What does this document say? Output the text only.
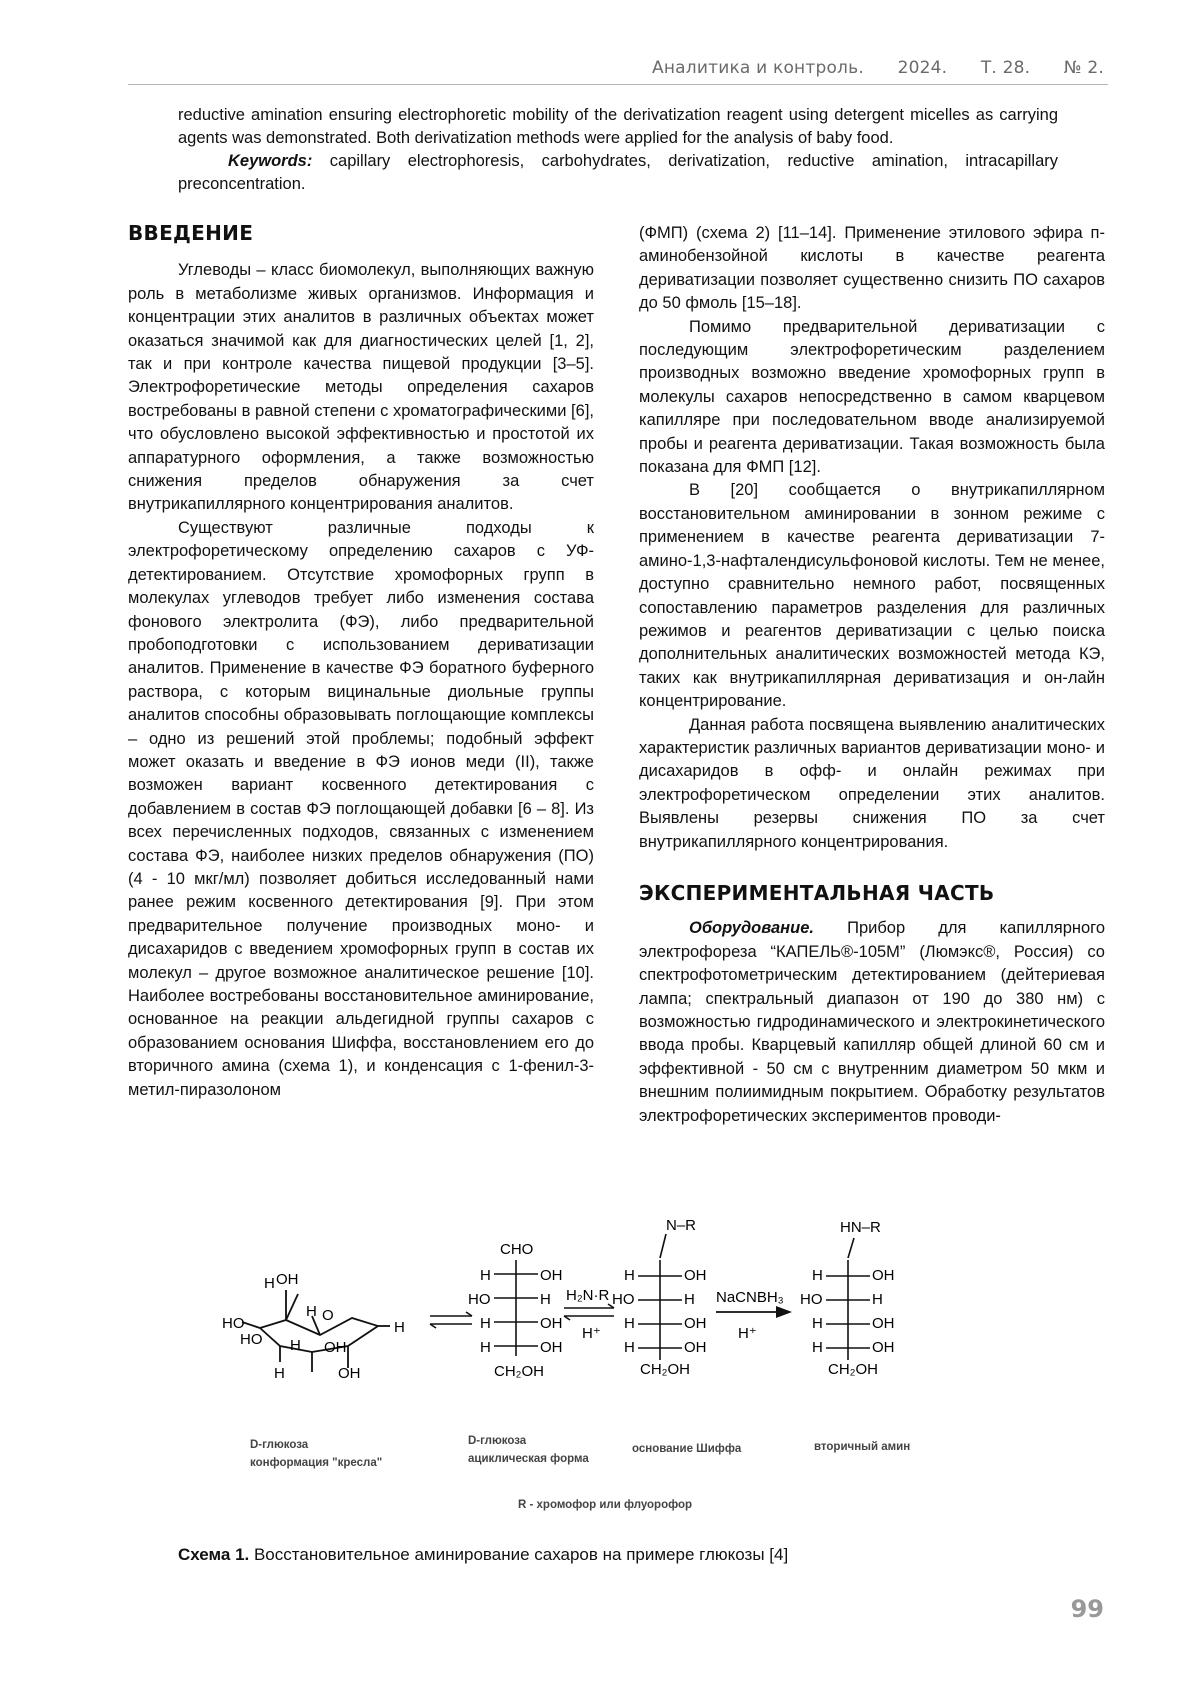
Аналитика и контроль. 2024. Т. 28. № 2.

reductive amination ensuring electrophoretic mobility of the derivatization reagent using detergent micelles as carrying agents was demonstrated. Both derivatization methods were applied for the analysis of baby food.

Keywords: capillary electrophoresis, carbohydrates, derivatization, reductive amination, intracapillary preconcentration.

ВВЕДЕНИЕ

Углеводы – класс биомолекул, выполняющих важную роль в метаболизме живых организмов. Информация и концентрации этих аналитов в различных объектах может оказаться значимой как для диагностических целей [1, 2], так и при контроле качества пищевой продукции [3–5]. Электрофоретические методы определения сахаров востребованы в равной степени с хроматографическими [6], что обусловлено высокой эффективностью и простотой их аппаратурного оформления, а также возможностью снижения пределов обнаружения за счет внутрикапиллярного концентрирования аналитов.

Существуют различные подходы к электрофоретическому определению сахаров с УФ-детектированием. Отсутствие хромофорных групп в молекулах углеводов требует либо изменения состава фонового электролита (ФЭ), либо предварительной пробоподготовки с использованием дериватизации аналитов. Применение в качестве ФЭ боратного буферного раствора, с которым вицинальные диольные группы аналитов способны образовывать поглощающие комплексы – одно из решений этой проблемы; подобный эффект может оказать и введение в ФЭ ионов меди (II), также возможен вариант косвенного детектирования с добавлением в состав ФЭ поглощающей добавки [6 – 8]. Из всех перечисленных подходов, связанных с изменением состава ФЭ, наиболее низких пределов обнаружения (ПО) (4 - 10 мкг/мл) позволяет добиться исследованный нами ранее режим косвенного детектирования [9]. При этом предварительное получение производных моно- и дисахаридов с введением хромофорных групп в состав их молекул – другое возможное аналитическое решение [10]. Наиболее востребованы восстановительное аминирование, основанное на реакции альдегидной группы сахаров с образованием основания Шиффа, восстановлением его до вторичного амина (схема 1), и конденсация с 1-фенил-3-метил-пиразолоном

(ФМП) (схема 2) [11–14]. Применение этилового эфира п-аминобензойной кислоты в качестве реагента дериватизации позволяет существенно снизить ПО сахаров до 50 фмоль [15–18].

Помимо предварительной дериватизации с последующим электрофоретическим разделением производных возможно введение хромофорных групп в молекулы сахаров непосредственно в самом кварцевом капилляре при последовательном вводе анализируемой пробы и реагента дериватизации. Такая возможность была показана для ФМП [12].

В [20] сообщается о внутрикапиллярном восстановительном аминировании в зонном режиме с применением в качестве реагента дериватизации 7-амино-1,3-нафталендисульфоновой кислоты. Тем не менее, доступно сравнительно немного работ, посвященных сопоставлению параметров разделения для различных режимов и реагентов дериватизации с целью поиска дополнительных аналитических возможностей метода КЭ, таких как внутрикапиллярная дериватизация и он-лайн концентрирование.

Данная работа посвящена выявлению аналитических характеристик различных вариантов дериватизации моно- и дисахаридов в офф- и онлайн режимах при электрофоретическом определении этих аналитов. Выявлены резервы снижения ПО за счет внутрикапиллярного концентрирования.

ЭКСПЕРИМЕНТАЛЬНАЯ ЧАСТЬ

Оборудование. Прибор для капиллярного электрофореза “КАПЕЛЬ®-105М” (Люмэкс®, Россия) со спектрофотометрическим детектированием (дейтериевая лампа; спектральный диапазон от 190 до 380 нм) с возможностью гидродинамического и электрокинетического ввода пробы. Кварцевый капилляр общей длиной 60 см и эффективной - 50 см с внутренним диаметром 50 мкм и внешним полиимидным покрытием. Обработку результатов электрофоретических экспериментов проводи-

H OH
HO
HO
H O
H
H OH
H	OH
CHO
H	OH
HO	H
H	OH
H	OH
CH₂OH
H₂N·R
H⁺
N–R
H	OH
HO	H
H	OH
H	OH
CH₂OH
NaCNBH₃
H⁺
HN–R
H	OH
HO	H
H	OH
H	OH
CH₂OH
D-глюкоза
конформация "кресла"
D-глюкоза
ациклическая форма
основание Шиффа	вторичный амин
R - хромофор или флуорофор
Схема 1. Восстановительное аминирование сахаров на примере глюкозы [4]
99
